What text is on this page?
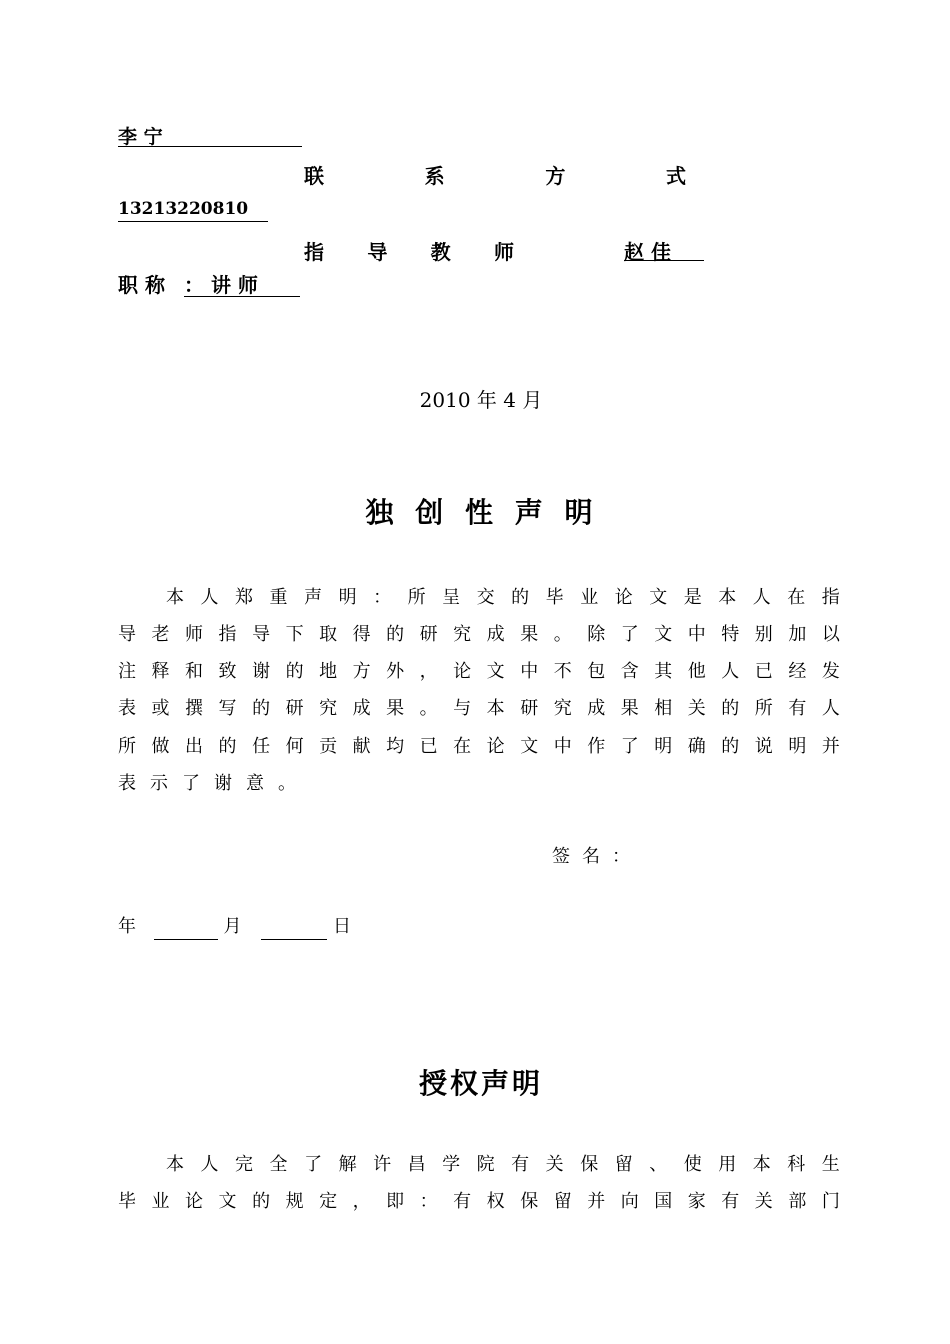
李 宁
联	系	方	式
13213220810
指 导 教 师	赵 佳
职 称 ： 讲 师
2010 年 4 月
独 创 性 声 明
本 人 郑 重 声 明 ： 所 呈 交 的 毕 业 论 文 是 本 人 在 指
导 老 师 指 导 下 取 得 的 研 究 成 果 。 除 了 文 中 特 别 加 以
注 释 和 致 谢 的 地 方 外 ， 论 文 中 不 包 含 其 他 人 已 经 发
表 或 撰 写 的 研 究 成 果 。 与 本 研 究 成 果 相 关 的 所 有 人
所 做 出 的 任 何 贡 献 均 已 在 论 文 中 作 了 明 确 的 说 明 并
表 示 了 谢 意 。
签 名 ：
年	月	日
授权声明
本 人 完 全 了 解 许 昌 学 院 有 关 保 留 、 使 用 本 科 生
毕 业 论 文 的 规 定 ， 即 ： 有 权 保 留 并 向 国 家 有 关 部 门
